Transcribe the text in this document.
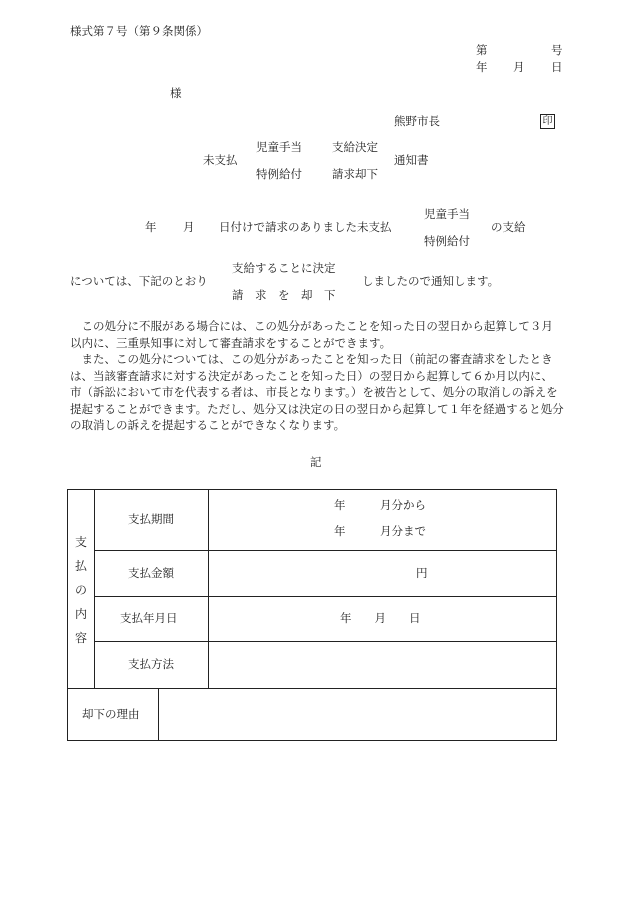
様式第７号（第９条関係）
第	号
年 月 日
様
熊野市長	印
児童手当	支給決定
未支払	通知書
特例給付	請求却下
児童手当
年 月 日付けで請求のありました未支払	の支給
特例給付
支給することに決定
については、下記のとおり	しましたので通知します。
請　求　を　却　下
　この処分に不服がある場合には、この処分があったことを知った日の翌日から起算して３月以内に、三重県知事に対して審査請求をすることができます。
　また、この処分については、この処分があったことを知った日（前記の審査請求をしたときは、当該審査請求に対する決定があったことを知った日）の翌日から起算して６か月以内に、市（訴訟において市を代表する者は、市長となります。）を被告として、処分の取消しの訴えを提起することができます。ただし、処分又は決定の日の翌日から起算して１年を経過すると処分の取消しの訴えを提起することができなくなります。
記
支
払
の
内
容
支払期間
年　　　月分から
年　　　月分まで
支払金額	円
支払年月日	年　　月　　日
支払方法
却下の理由
